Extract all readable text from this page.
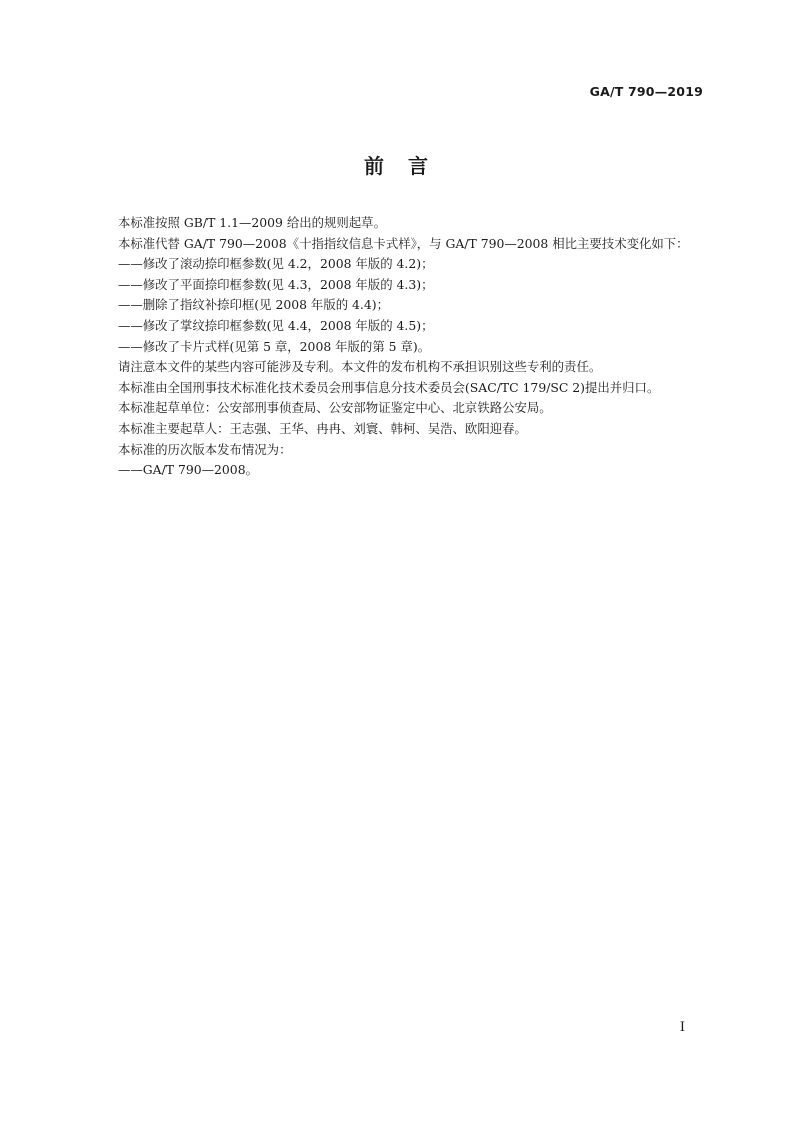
GA/T 790—2019
前　言

本标准按照 GB/T 1.1—2009 给出的规则起草。

本标准代替 GA/T 790—2008《十指指纹信息卡式样》，与 GA/T 790—2008 相比主要技术变化如下：

——修改了滚动捺印框参数(见 4.2，2008 年版的 4.2)；

——修改了平面捺印框参数(见 4.3，2008 年版的 4.3)；

——删除了指纹补捺印框(见 2008 年版的 4.4)；

——修改了掌纹捺印框参数(见 4.4，2008 年版的 4.5)；

——修改了卡片式样(见第 5 章，2008 年版的第 5 章)。

请注意本文件的某些内容可能涉及专利。本文件的发布机构不承担识别这些专利的责任。

本标准由全国刑事技术标准化技术委员会刑事信息分技术委员会(SAC/TC 179/SC 2)提出并归口。

本标准起草单位：公安部刑事侦查局、公安部物证鉴定中心、北京铁路公安局。

本标准主要起草人：王志强、王华、冉冉、刘寰、韩柯、吴浩、欧阳迎春。

本标准的历次版本发布情况为：

——GA/T 790—2008。

I
